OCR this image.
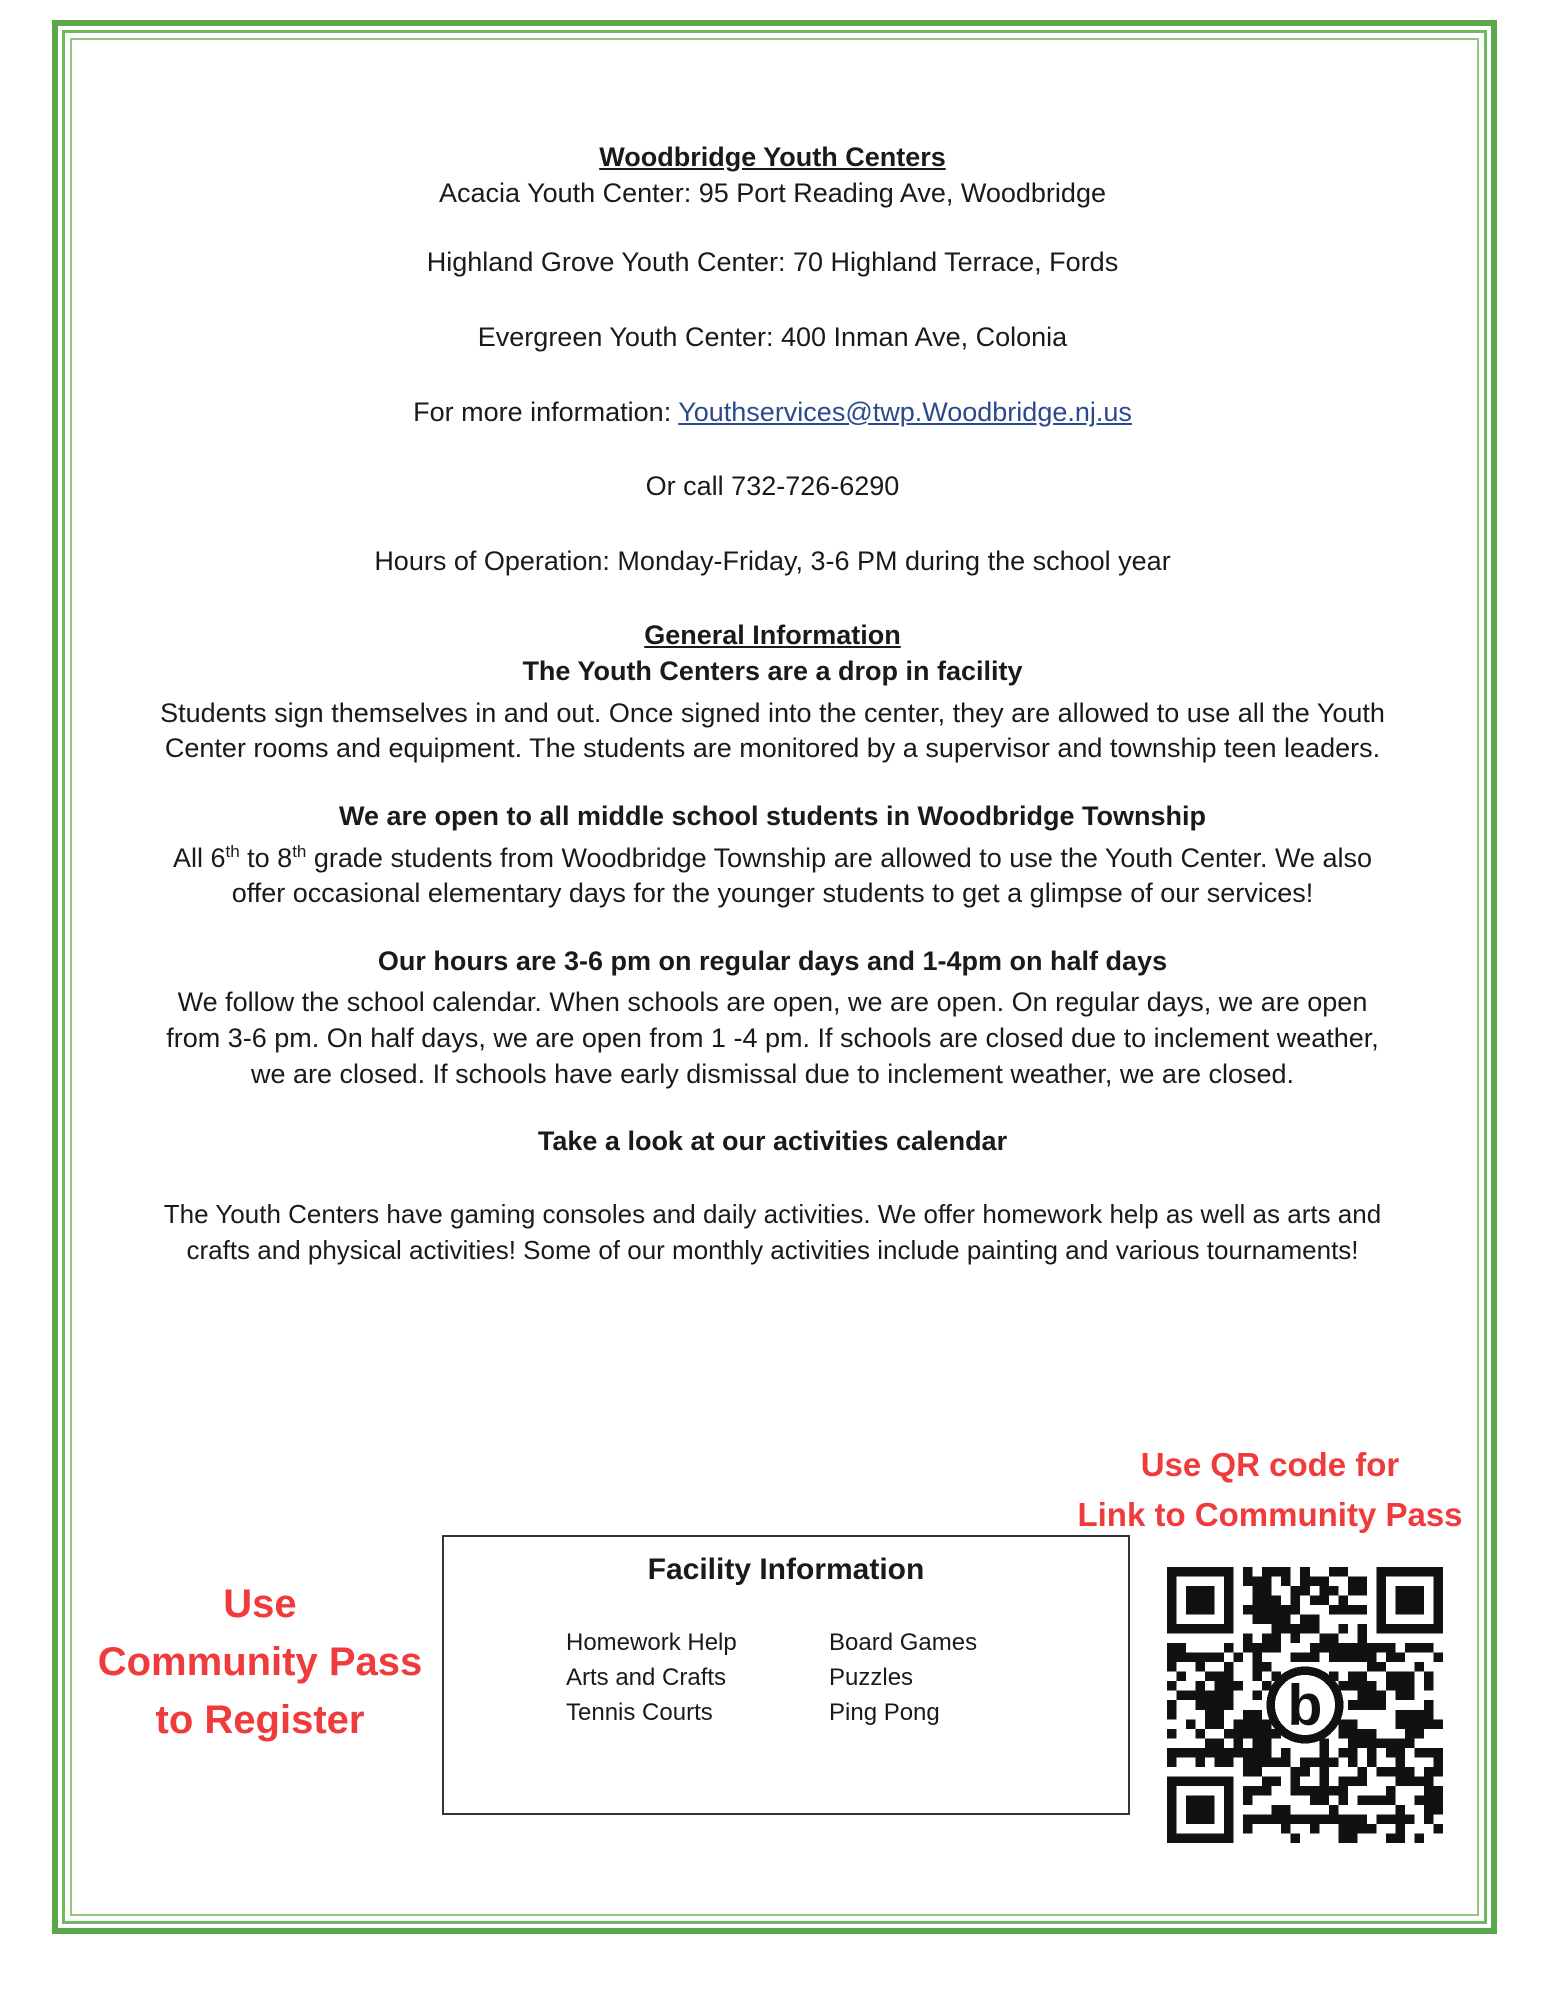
Woodbridge Youth Centers

Acacia Youth Center: 95 Port Reading Ave, Woodbridge

Highland Grove Youth Center: 70 Highland Terrace, Fords

Evergreen Youth Center: 400 Inman Ave, Colonia

For more information: Youthservices@twp.Woodbridge.nj.us

Or call 732-726-6290

Hours of Operation: Monday-Friday, 3-6 PM during the school year

General Information

The Youth Centers are a drop in facility

Students sign themselves in and out. Once signed into the center, they are allowed to use all the Youth Center rooms and equipment. The students are monitored by a supervisor and township teen leaders.

We are open to all middle school students in Woodbridge Township

All 6th to 8th grade students from Woodbridge Township are allowed to use the Youth Center. We also offer occasional elementary days for the younger students to get a glimpse of our services!

Our hours are 3-6 pm on regular days and 1-4pm on half days

We follow the school calendar. When schools are open, we are open. On regular days, we are open from 3-6 pm. On half days, we are open from 1 -4 pm. If schools are closed due to inclement weather, we are closed. If schools have early dismissal due to inclement weather, we are closed.

Take a look at our activities calendar

The Youth Centers have gaming consoles and daily activities. We offer homework help as well as arts and crafts and physical activities! Some of our monthly activities include painting and various tournaments!

Use
Community Pass
to Register
Facility Information
Homework Help
Arts and Crafts
Tennis Courts
Board Games
Puzzles
Ping Pong
Use QR code for
Link to Community Pass
b
